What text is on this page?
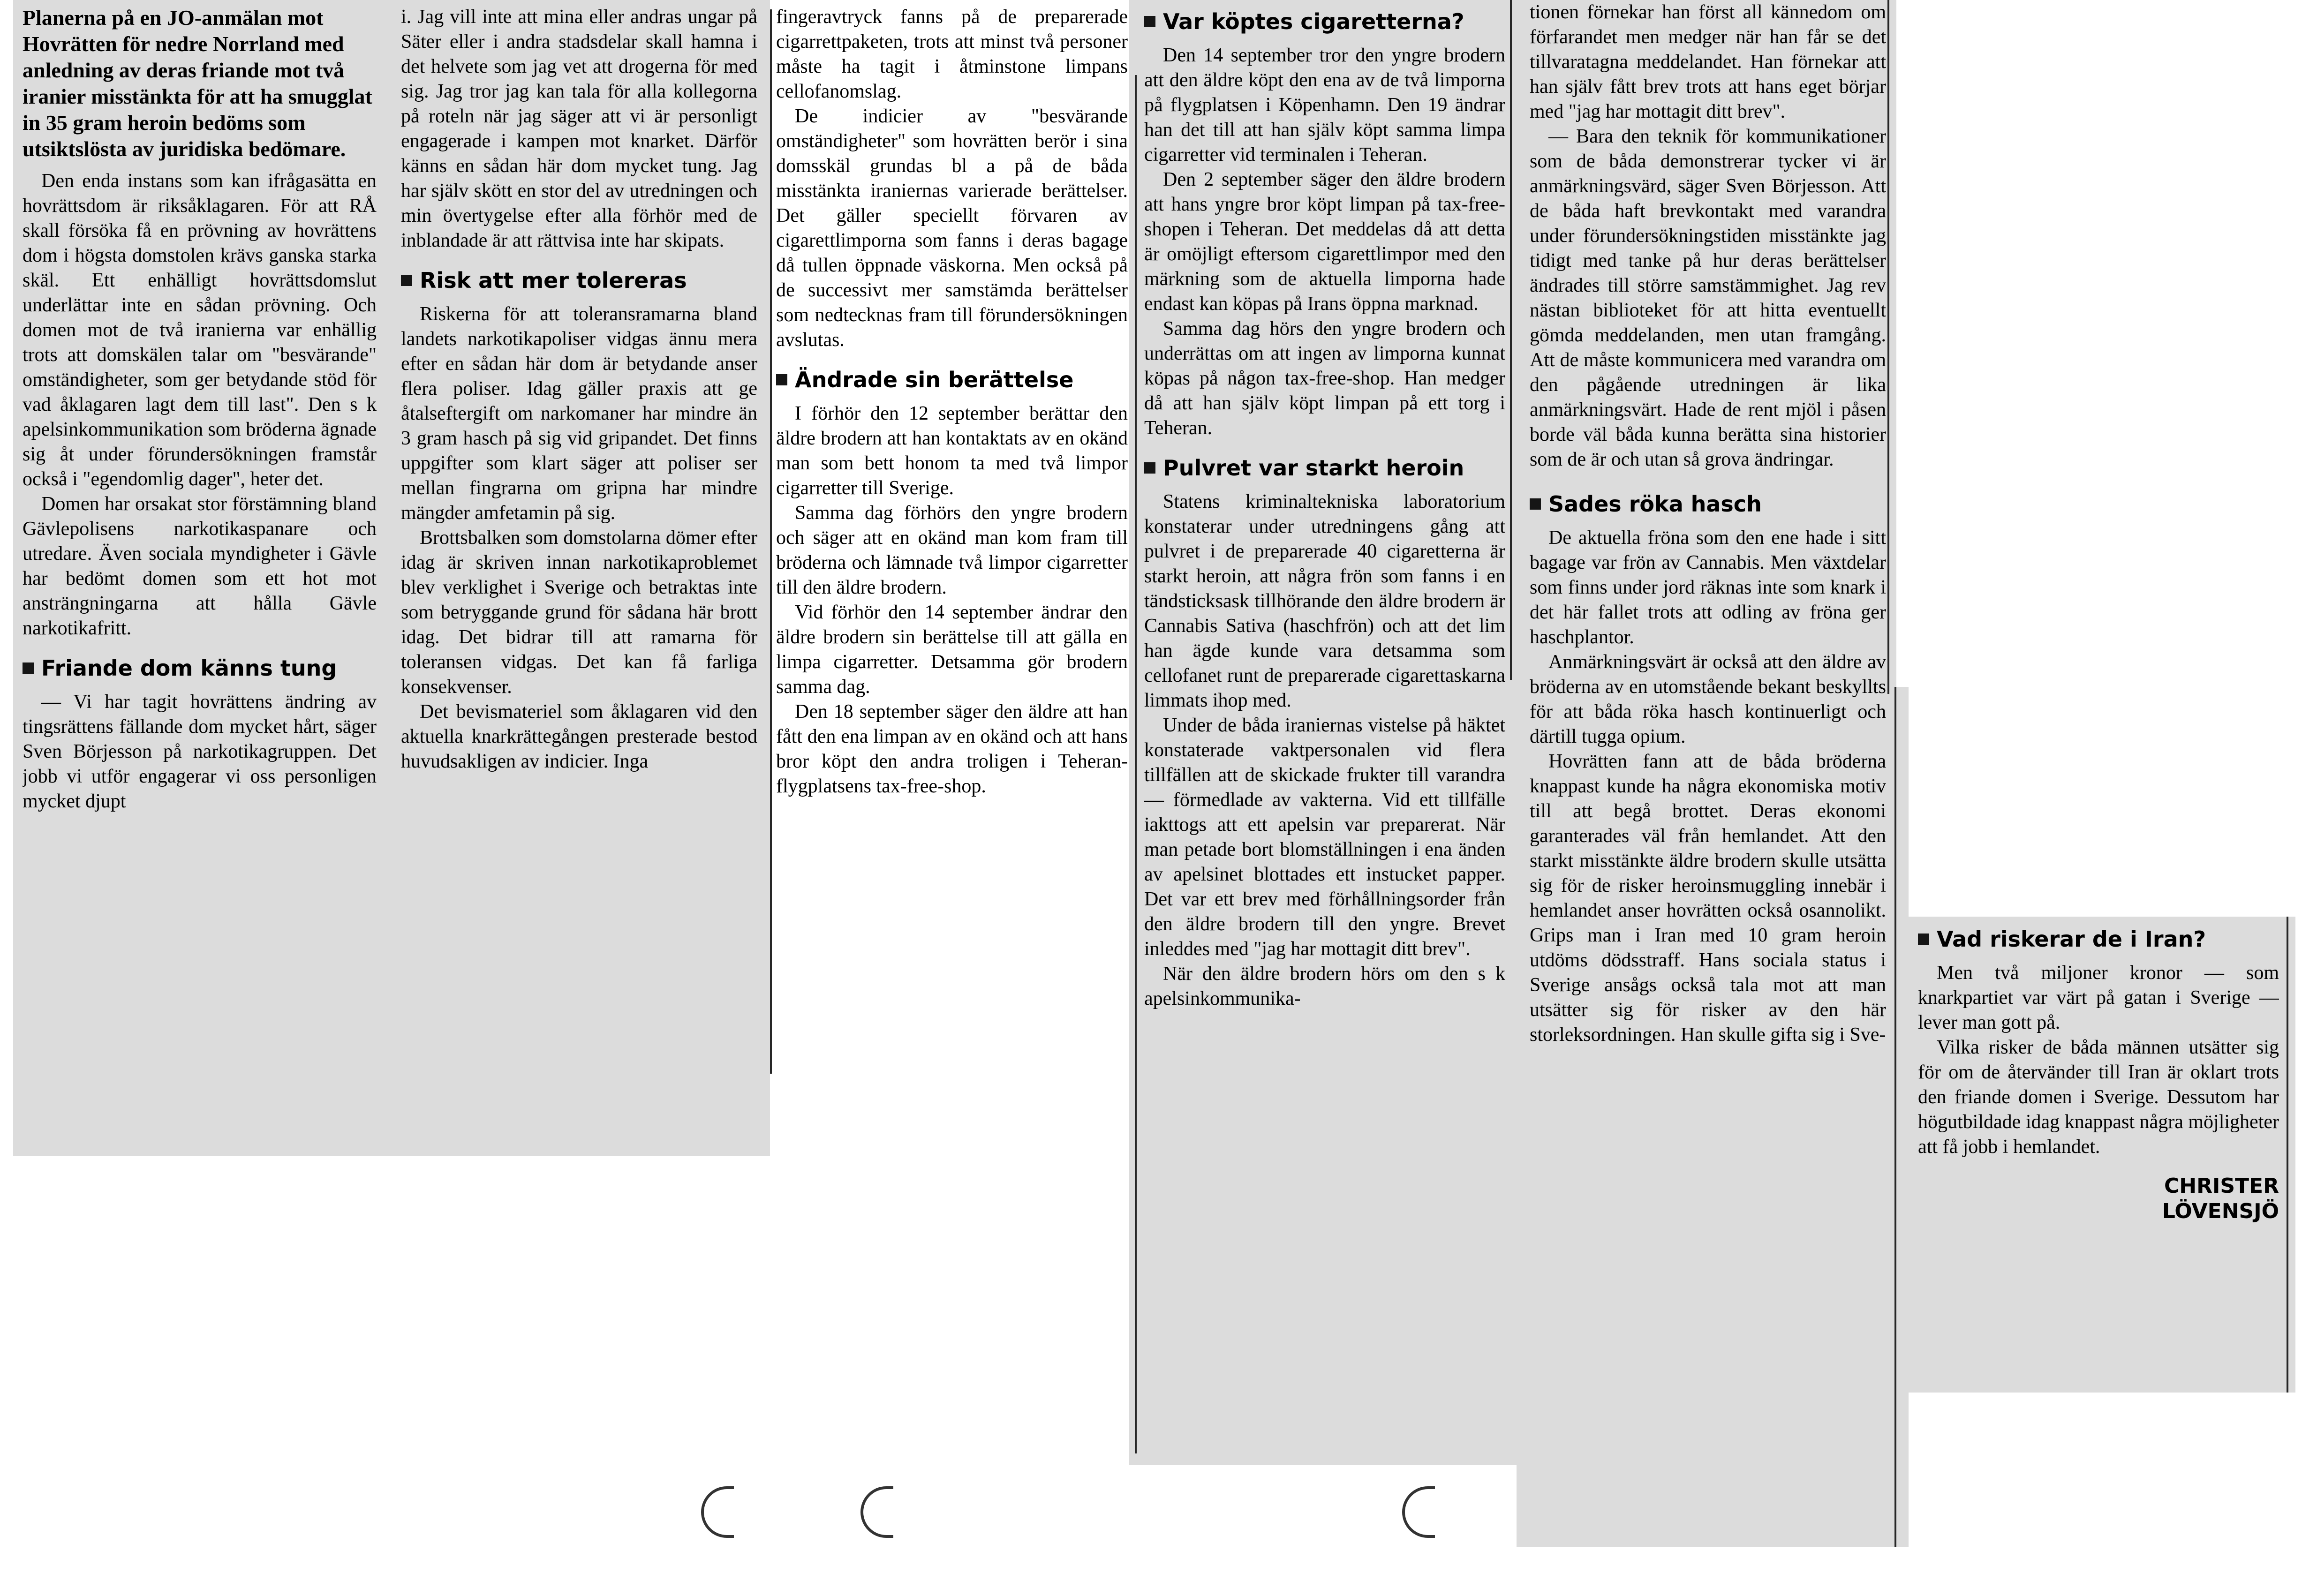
Planerna på en JO-anmälan mot Hovrätten för nedre Norrland med anledning av deras friande mot två iranier misstänkta för att ha smugglat in 35 gram heroin bedöms som utsiktslösta av juridiska bedömare.

Den enda instans som kan ifrågasätta en hovrättsdom är riksåklagaren. För att RÅ skall försöka få en prövning av hovrättens dom i högsta domstolen krävs ganska starka skäl. Ett enhälligt hovrättsdomslut underlättar inte en sådan prövning. Och domen mot de två iranierna var enhällig trots att domskälen talar om "besvärande" omständigheter, som ger betydande stöd för vad åklagaren lagt dem till last". Den s k apelsinkommunikation som bröderna ägnade sig åt under förundersökningen framstår också i "egendomlig dager", heter det.

Domen har orsakat stor förstämning bland Gävlepolisens narkotikaspanare och utredare. Även sociala myndigheter i Gävle har bedömt domen som ett hot mot ansträngningarna att hålla Gävle narkotikafritt.

Friande dom känns tung

— Vi har tagit hovrättens ändring av tingsrättens fällande dom mycket hårt, säger Sven Börjesson på narkotikagruppen. Det jobb vi utför engagerar vi oss personligen mycket djupt

i. Jag vill inte att mina eller andras ungar på Säter eller i andra stadsdelar skall hamna i det helvete som jag vet att drogerna för med sig. Jag tror jag kan tala för alla kollegorna på roteln när jag säger att vi är personligt engagerade i kampen mot knarket. Därför känns en sådan här dom mycket tung. Jag har själv skött en stor del av utredningen och min övertygelse efter alla förhör med de inblandade är att rättvisa inte har skipats.

Risk att mer tolereras

Riskerna för att toleransramarna bland landets narkotikapoliser vidgas ännu mera efter en sådan här dom är betydande anser flera poliser. Idag gäller praxis att ge åtalseftergift om narkomaner har mindre än 3 gram hasch på sig vid gripandet. Det finns uppgifter som klart säger att poliser ser mellan fingrarna om gripna har mindre mängder amfetamin på sig.

Brottsbalken som domstolarna dömer efter idag är skriven innan narkotikaproblemet blev verklighet i Sverige och betraktas inte som betryggande grund för sådana här brott idag. Det bidrar till att ramarna för toleransen vidgas. Det kan få farliga konsekvenser.

Det bevismateriel som åklagaren vid den aktuella knarkrättegången presterade bestod huvudsakligen av indicier. Inga

fingeravtryck fanns på de preparerade cigarrettpaketen, trots att minst två personer måste ha tagit i åtminstone limpans cellofanomslag.

De indicier av "besvärande omständigheter" som hovrätten berör i sina domsskäl grundas bl a på de båda misstänkta iraniernas varierade berättelser. Det gäller speciellt förvaren av cigarettlimporna som fanns i deras bagage då tullen öppnade väskorna. Men också på de successivt mer samstämda berättelser som nedtecknas fram till förundersökningen avslutas.

Ändrade sin berättelse

I förhör den 12 september berättar den äldre brodern att han kontaktats av en okänd man som bett honom ta med två limpor cigarretter till Sverige.

Samma dag förhörs den yngre brodern och säger att en okänd man kom fram till bröderna och lämnade två limpor cigarretter till den äldre brodern.

Vid förhör den 14 september ändrar den äldre brodern sin berättelse till att gälla en limpa cigarretter. Detsamma gör brodern samma dag.

Den 18 september säger den äldre att han fått den ena limpan av en okänd och att hans bror köpt den andra troligen i Teheran-flygplatsens tax-free-shop.

Var köptes cigaretterna?

Den 14 september tror den yngre brodern att den äldre köpt den ena av de två limporna på flygplatsen i Köpenhamn. Den 19 ändrar han det till att han själv köpt samma limpa cigarretter vid terminalen i Teheran.

Den 2 september säger den äldre brodern att hans yngre bror köpt limpan på tax-free-shopen i Teheran. Det meddelas då att detta är omöjligt eftersom cigarettlimpor med den märkning som de aktuella limporna hade endast kan köpas på Irans öppna marknad.

Samma dag hörs den yngre brodern och underrättas om att ingen av limporna kunnat köpas på någon tax-free-shop. Han medger då att han själv köpt limpan på ett torg i Teheran.

Pulvret var starkt heroin

Statens kriminaltekniska laboratorium konstaterar under utredningens gång att pulvret i de preparerade 40 cigaretterna är starkt heroin, att några frön som fanns i en tändsticksask tillhörande den äldre brodern är Cannabis Sativa (haschfrön) och att det lim han ägde kunde vara detsamma som cellofanet runt de preparerade cigarettaskarna limmats ihop med.

Under de båda iraniernas vistelse på häktet konstaterade vaktpersonalen vid flera tillfällen att de skickade frukter till varandra — förmedlade av vakterna. Vid ett tillfälle iakttogs att ett apelsin var preparerat. När man petade bort blomställningen i ena änden av apelsinet blottades ett instucket papper. Det var ett brev med förhållningsorder från den äldre brodern till den yngre. Brevet inleddes med "jag har mottagit ditt brev".

När den äldre brodern hörs om den s k apelsinkommunika-

tionen förnekar han först all kännedom om förfarandet men medger när han får se det tillvaratagna meddelandet. Han förnekar att han själv fått brev trots att hans eget börjar med "jag har mottagit ditt brev".

— Bara den teknik för kommunikationer som de båda demonstrerar tycker vi är anmärkningsvärd, säger Sven Börjesson. Att de båda haft brevkontakt med varandra under förundersökningstiden misstänkte jag tidigt med tanke på hur deras berättelser ändrades till större samstämmighet. Jag rev nästan biblioteket för att hitta eventuellt gömda meddelanden, men utan framgång. Att de måste kommunicera med varandra om den pågående utredningen är lika anmärkningsvärt. Hade de rent mjöl i påsen borde väl båda kunna berätta sina historier som de är och utan så grova ändringar.

Sades röka hasch

De aktuella fröna som den ene hade i sitt bagage var frön av Cannabis. Men växtdelar som finns under jord räknas inte som knark i det här fallet trots att odling av fröna ger haschplantor.

Anmärkningsvärt är också att den äldre av bröderna av en utomstående bekant beskyllts för att båda röka hasch kontinuerligt och därtill tugga opium.

Hovrätten fann att de båda bröderna knappast kunde ha några ekonomiska motiv till att begå brottet. Deras ekonomi garanterades väl från hemlandet. Att den starkt misstänkte äldre brodern skulle utsätta sig för de risker heroinsmuggling innebär i hemlandet anser hovrätten också osannolikt. Grips man i Iran med 10 gram heroin utdöms dödsstraff. Hans sociala status i Sverige ansågs också tala mot att man utsätter sig för risker av den här storleksordningen. Han skulle gifta sig i Sve-

Vad riskerar de i Iran?

Men två miljoner kronor — som knarkpartiet var värt på gatan i Sverige — lever man gott på.

Vilka risker de båda männen utsätter sig för om de återvänder till Iran är oklart trots den friande domen i Sverige. Dessutom har högutbildade idag knappast några möjligheter att få jobb i hemlandet.

CHRISTER LÖVENSJÖ
